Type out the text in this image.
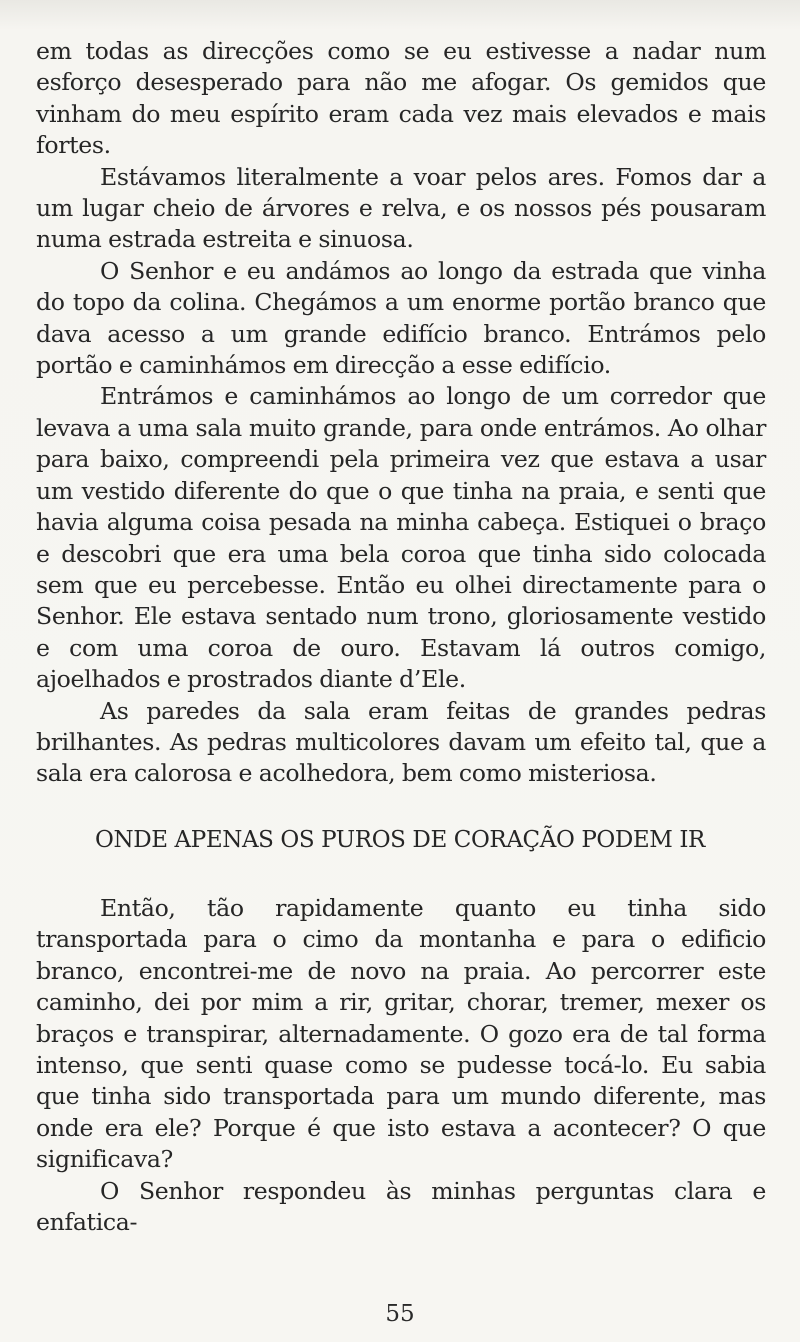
em todas as direcções como se eu estivesse a nadar num esforço desesperado para não me afogar. Os gemidos que vinham do meu espírito eram cada vez mais elevados e mais fortes.

Estávamos literalmente a voar pelos ares. Fomos dar a um lugar cheio de árvores e relva, e os nossos pés pousaram numa estrada estreita e sinuosa.

O Senhor e eu andámos ao longo da estrada que vinha do topo da colina. Chegámos a um enorme portão branco que dava acesso a um grande edifício branco. Entrámos pelo portão e caminhámos em direcção a esse edifício.

Entrámos e caminhámos ao longo de um corredor que levava a uma sala muito grande, para onde entrámos. Ao olhar para baixo, compreendi pela primeira vez que estava a usar um vestido diferente do que o que tinha na praia, e senti que havia alguma coisa pesada na minha cabeça. Estiquei o braço e descobri que era uma bela coroa que tinha sido colocada sem que eu percebesse. Então eu olhei directamente para o Senhor. Ele estava sentado num trono, gloriosamente vestido e com uma coroa de ouro. Estavam lá outros comigo, ajoelhados e prostrados diante d’Ele.

As paredes da sala eram feitas de grandes pedras brilhantes. As pedras multicolores davam um efeito tal, que a sala era calorosa e acolhedora, bem como misteriosa.

ONDE APENAS OS PUROS DE CORAÇÃO PODEM IR

Então, tão rapidamente quanto eu tinha sido transportada para o cimo da montanha e para o edificio branco, encontrei-me de novo na praia. Ao percorrer este caminho, dei por mim a rir, gritar, chorar, tremer, mexer os braços e transpirar, alternadamente. O gozo era de tal forma intenso, que senti quase como se pudesse tocá-lo. Eu sabia que tinha sido transportada para um mundo diferente, mas onde era ele? Porque é que isto estava a acontecer? O que significava?

O Senhor respondeu às minhas perguntas clara e enfatica-

55
